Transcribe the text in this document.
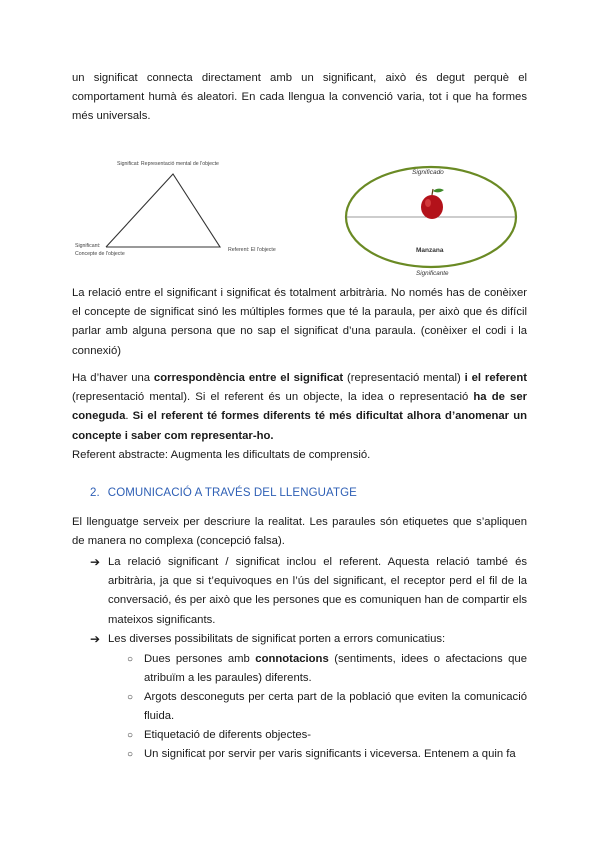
un significat connecta directament amb un significant, això és degut perquè el comportament humà és aleatori. En cada llengua la convenció varia, tot i que ha formes més universals.

Significat: Representació mental de l'objecte
Significant:
Concepte de l'objecte
Referent: El l'objecte
Significado
Manzana
Significante

La relació entre el significant i significat és totalment arbitrària. No només has de conèixer el concepte de significat sinó les múltiples formes que té la paraula, per això que és difícil parlar amb alguna persona que no sap el significat d’una paraula. (conèixer el codi i la connexió)

Ha d’haver una correspondència entre el significat (representació mental) i el referent (representació mental). Si el referent és un objecte, la idea o representació ha de ser coneguda. Si el referent té formes diferents té més dificultat alhora d’anomenar un concepte i saber com representar-ho.

Referent abstracte: Augmenta les dificultats de comprensió.

2. COMUNICACIÓ A TRAVÉS DEL LLENGUATGE

El llenguatge serveix per descriure la realitat. Les paraules són etiquetes que s’apliquen de manera no complexa (concepció falsa).

➔ La relació significant / significat inclou el referent. Aquesta relació també és arbitrària, ja que si t’equivoques en l’ús del significant, el receptor perd el fil de la conversació, és per això que les persones que es comuniquen han de compartir els mateixos significants.

➔ Les diverses possibilitats de significat porten a errors comunicatius:

○ Dues persones amb connotacions (sentiments, idees o afectacions que atribuïm a les paraules) diferents.

○ Argots desconeguts per certa part de la població que eviten la comunicació fluida.

○ Etiquetació de diferents objectes-

○ Un significat por servir per varis significants i viceversa. Entenem a quin fa
